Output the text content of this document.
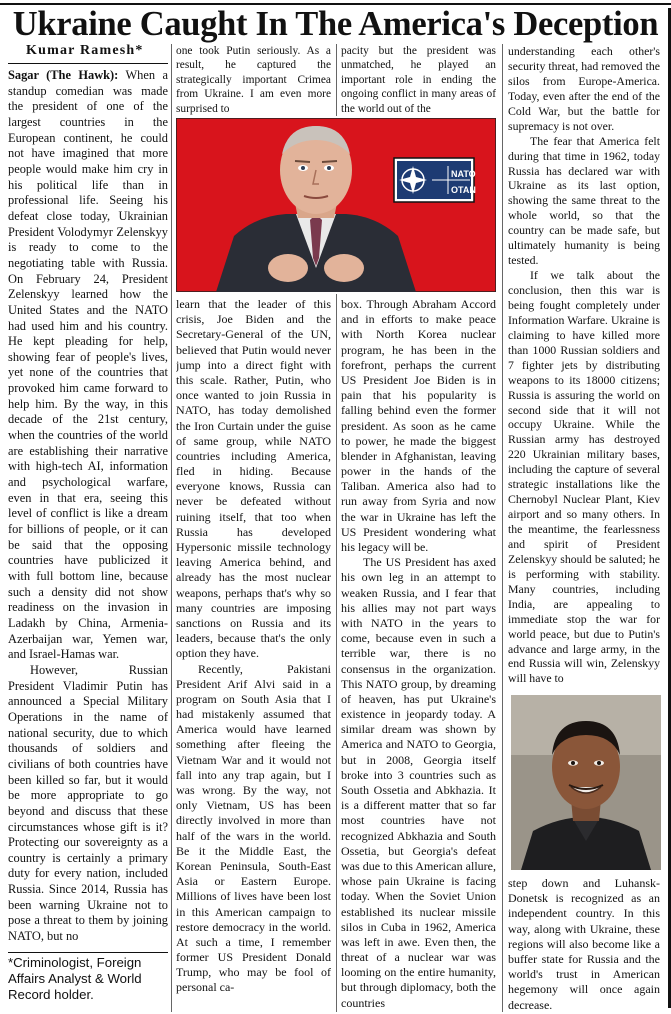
Ukraine Caught In The America's Deception
Kumar Ramesh*

Sagar (The Hawk): When a standup comedian was made the president of one of the largest countries in the European continent, he could not have imagined that more people would make him cry in his political life than in professional life. Seeing his defeat close today, Ukrainian President Volodymyr Zelenskyy is ready to come to the negotiating table with Russia. On February 24, President Zelenskyy learned how the United States and the NATO had used him and his country. He kept pleading for help, showing fear of people's lives, yet none of the countries that provoked him came forward to help him. By the way, in this decade of the 21st century, when the countries of the world are establishing their narrative with high-tech AI, information and psychological warfare, even in that era, seeing this level of conflict is like a dream for billions of people, or it can be said that the opposing countries have publicized it with full bottom line, because such a density did not show readiness on the invasion in Ladakh by China, Armenia-Azerbaijan war, Yemen war, and Israel-Hamas war.

However, Russian President Vladimir Putin has announced a Special Military Operations in the name of national security, due to which thousands of soldiers and civilians of both countries have been killed so far, but it would be more appropriate to go beyond and discuss that these circumstances whose gift is it? Protecting our sovereignty as a country is certainly a primary duty for every nation, included Russia. Since 2014, Russia has been warning Ukraine not to pose a threat to them by joining NATO, but no

*Criminologist, Foreign Affairs Analyst & World Record holder.

one took Putin seriously. As a result, he captured the strategically important Crimea from Ukraine. I am even more surprised to

pacity but the president was unmatched, he played an important role in ending the ongoing conflict in many areas of the world out of the

NATO
OTAN

learn that the leader of this crisis, Joe Biden and the Secretary-General of the UN, believed that Putin would never jump into a direct fight with this scale. Rather, Putin, who once wanted to join Russia in NATO, has today demolished the Iron Curtain under the guise of same group, while NATO countries including America, fled in hiding. Because everyone knows, Russia can never be defeated without ruining itself, that too when Russia has developed Hypersonic missile technology leaving America behind, and already has the most nuclear weapons, perhaps that's why so many countries are imposing sanctions on Russia and its leaders, because that's the only option they have.

Recently, Pakistani President Arif Alvi said in a program on South Asia that I had mistakenly assumed that America would have learned something after fleeing the Vietnam War and it would not fall into any trap again, but I was wrong. By the way, not only Vietnam, US has been directly involved in more than half of the wars in the world. Be it the Middle East, the Korean Peninsula, South-East Asia or Eastern Europe. Millions of lives have been lost in this American campaign to restore democracy in the world. At such a time, I remember former US President Donald Trump, who may be fool of personal ca-

box. Through Abraham Accord and in efforts to make peace with North Korea nuclear program, he has been in the forefront, perhaps the current US President Joe Biden is in pain that his popularity is falling behind even the former president. As soon as he came to power, he made the biggest blender in Afghanistan, leaving power in the hands of the Taliban. America also had to run away from Syria and now the war in Ukraine has left the US President wondering what his legacy will be.

The US President has axed his own leg in an attempt to weaken Russia, and I fear that his allies may not part ways with NATO in the years to come, because even in such a terrible war, there is no consensus in the organization. This NATO group, by dreaming of heaven, has put Ukraine's existence in jeopardy today. A similar dream was shown by America and NATO to Georgia, but in 2008, Georgia itself broke into 3 countries such as South Ossetia and Abkhazia. It is a different matter that so far most countries have not recognized Abkhazia and South Ossetia, but Georgia's defeat was due to this American allure, whose pain Ukraine is facing today. When the Soviet Union established its nuclear missile silos in Cuba in 1962, America was left in awe. Even then, the threat of a nuclear war was looming on the entire humanity, but through diplomacy, both the countries

understanding each other's security threat, had removed the silos from Europe-America. Today, even after the end of the Cold War, but the battle for supremacy is not over.

The fear that America felt during that time in 1962, today Russia has declared war with Ukraine as its last option, showing the same threat to the whole world, so that the country can be made safe, but ultimately humanity is being tested.

If we talk about the conclusion, then this war is being fought completely under Information Warfare. Ukraine is claiming to have killed more than 1000 Russian soldiers and 7 fighter jets by distributing weapons to its 18000 citizens; Russia is assuring the world on second side that it will not occupy Ukraine. While the Russian army has destroyed 220 Ukrainian military bases, including the capture of several strategic installations like the Chernobyl Nuclear Plant, Kiev airport and so many others. In the meantime, the fearlessness and spirit of President Zelenskyy should be saluted; he is performing with stability. Many countries, including India, are appealing to immediate stop the war for world peace, but due to Putin's advance and large army, in the end Russia will win, Zelenskyy will have to

step down and Luhansk-Donetsk is recognized as an independent country. In this way, along with Ukraine, these regions will also become like a buffer state for Russia and the world's trust in American hegemony will once again decrease.
